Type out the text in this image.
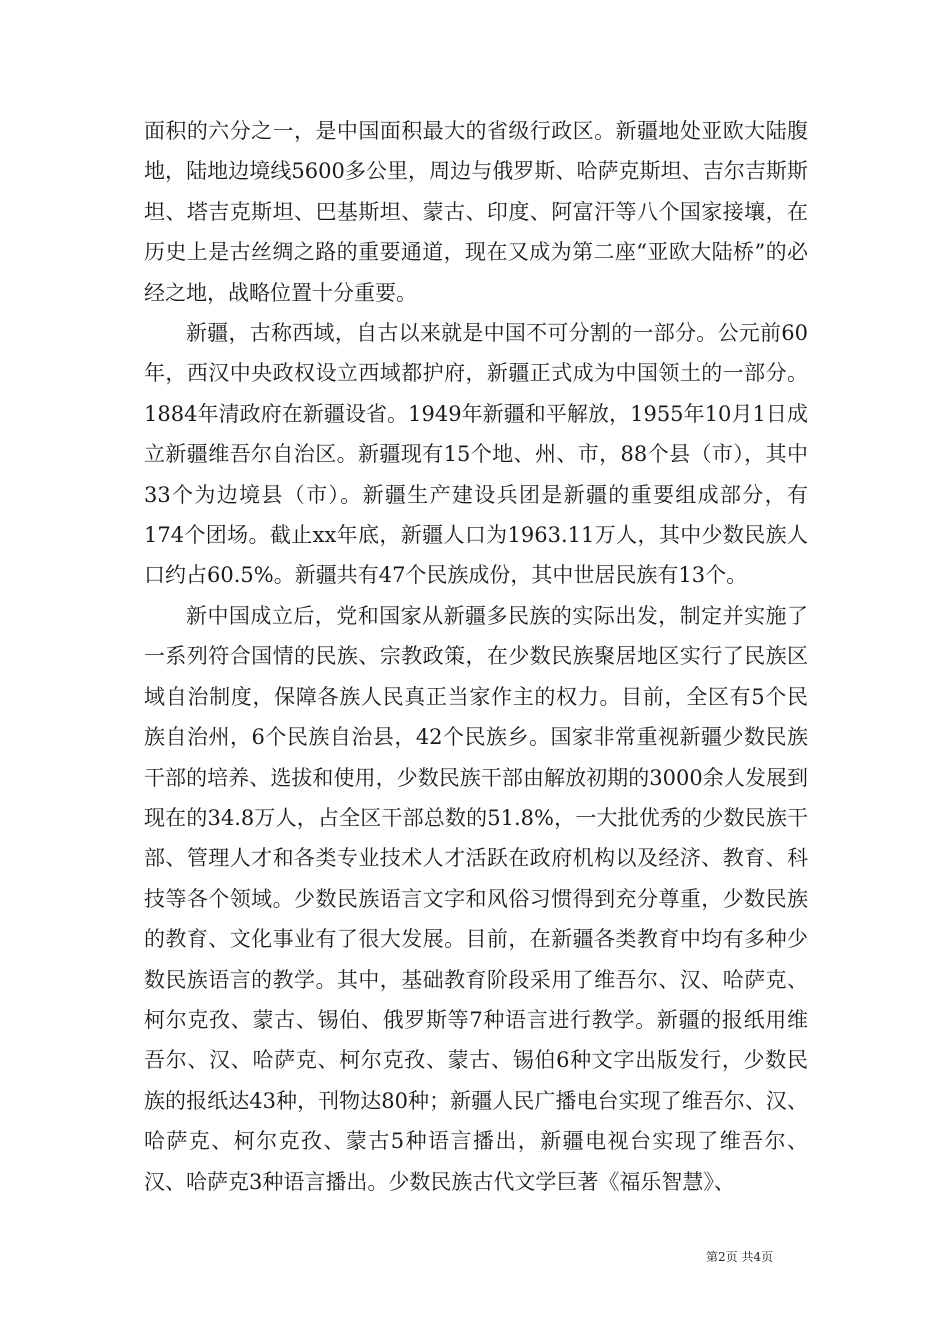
面积的六分之一，是中国面积最大的省级行政区。新疆地处亚欧大陆腹地，陆地边境线5600多公里，周边与俄罗斯、哈萨克斯坦、吉尔吉斯斯坦、塔吉克斯坦、巴基斯坦、蒙古、印度、阿富汗等八个国家接壤，在历史上是古丝绸之路的重要通道，现在又成为第二座“亚欧大陆桥”的必经之地，战略位置十分重要。

新疆，古称西域，自古以来就是中国不可分割的一部分。公元前60年，西汉中央政权设立西域都护府，新疆正式成为中国领土的一部分。1884年清政府在新疆设省。1949年新疆和平解放，1955年10月1日成立新疆维吾尔自治区。新疆现有15个地、州、市，88个县（市），其中33个为边境县（市）。新疆生产建设兵团是新疆的重要组成部分，有174个团场。截止xx年底，新疆人口为1963.11万人，其中少数民族人口约占60.5%。新疆共有47个民族成份，其中世居民族有13个。

新中国成立后，党和国家从新疆多民族的实际出发，制定并实施了一系列符合国情的民族、宗教政策，在少数民族聚居地区实行了民族区域自治制度，保障各族人民真正当家作主的权力。目前，全区有5个民族自治州，6个民族自治县，42个民族乡。国家非常重视新疆少数民族干部的培养、选拔和使用，少数民族干部由解放初期的3000余人发展到现在的34.8万人，占全区干部总数的51.8%，一大批优秀的少数民族干部、管理人才和各类专业技术人才活跃在政府机构以及经济、教育、科技等各个领域。少数民族语言文字和风俗习惯得到充分尊重，少数民族的教育、文化事业有了很大发展。目前，在新疆各类教育中均有多种少数民族语言的教学。其中，基础教育阶段采用了维吾尔、汉、哈萨克、柯尔克孜、蒙古、锡伯、俄罗斯等7种语言进行教学。新疆的报纸用维吾尔、汉、哈萨克、柯尔克孜、蒙古、锡伯6种文字出版发行，少数民族的报纸达43种，刊物达80种；新疆人民广播电台实现了维吾尔、汉、哈萨克、柯尔克孜、蒙古5种语言播出，新疆电视台实现了维吾尔、汉、哈萨克3种语言播出。少数民族古代文学巨著《福乐智慧》、

第2页 共4页
